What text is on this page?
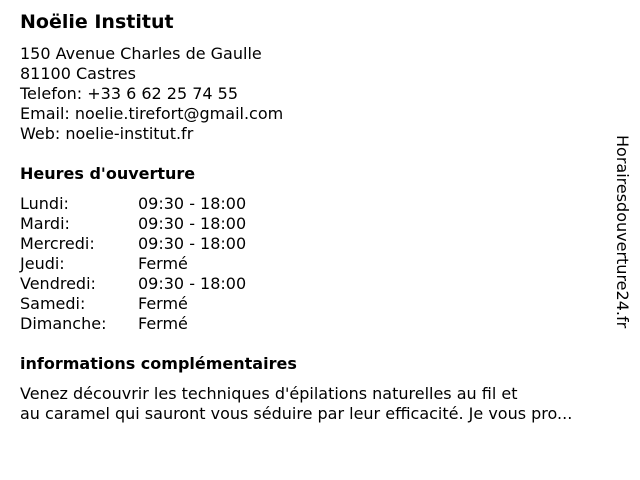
Noëlie Institut
150 Avenue Charles de Gaulle
81100 Castres
Telefon: +33 6 62 25 74 55
Email: noelie.tirefort@gmail.com
Web: noelie-institut.fr
Heures d'ouverture
Lundi:	09:30 - 18:00
Mardi:	09:30 - 18:00
Mercredi:	09:30 - 18:00
Jeudi:	Fermé
Vendredi:	09:30 - 18:00
Samedi:	Fermé
Dimanche: Fermé
informations complémentaires
Venez découvrir les techniques d'épilations naturelles au fil et
au caramel qui sauront vous séduire par leur efficacité. Je vous pro...
Horairesdouverture24.fr
